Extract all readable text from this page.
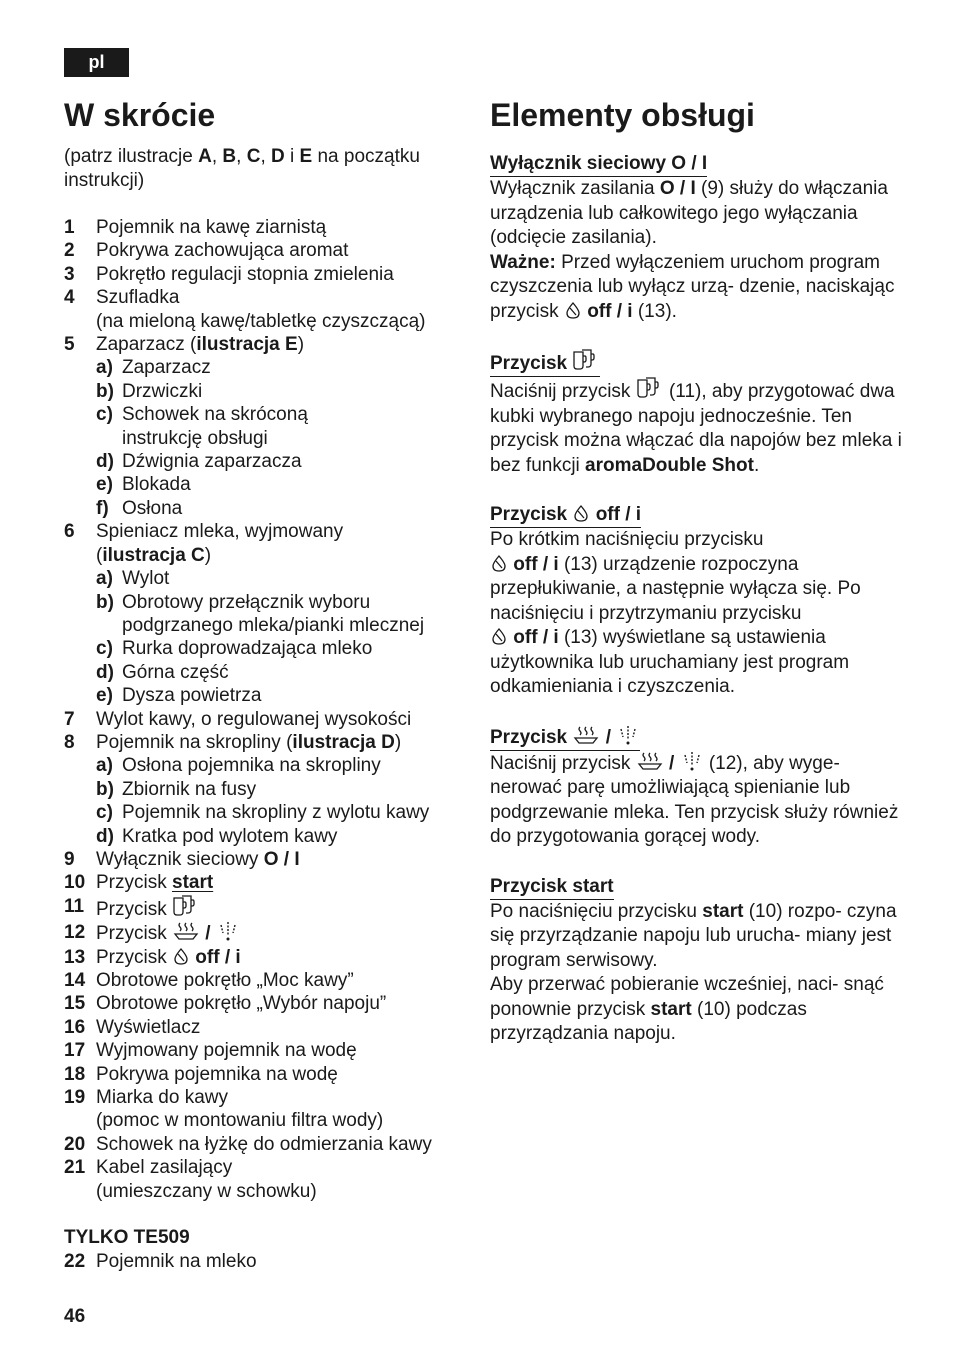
pl
W skrócie
(patrz ilustracje A, B, C, D i E na początku instrukcji)
1 Pojemnik na kawę ziarnistą
2 Pokrywa zachowująca aromat
3 Pokrętło regulacji stopnia zmielenia
4 Szufladka
(na mieloną kawę/tabletkę czyszczącą)
5 Zaparzacz (ilustracja E)
a) Zaparzacz
b) Drzwiczki
c) Schowek na skróconą
instrukcję obsługi
d) Dźwignia zaparzacza
e) Blokada
f) Osłona
6 Spieniacz mleka, wyjmowany
(ilustracja C)
a) Wylot
b) Obrotowy przełącznik wyboru
podgrzanego mleka/pianki mlecznej
c) Rurka doprowadzająca mleko
d) Górna część
e) Dysza powietrza
7 Wylot kawy, o regulowanej wysokości
8 Pojemnik na skropliny (ilustracja D)
a) Osłona pojemnika na skropliny
b) Zbiornik na fusy
c) Pojemnik na skropliny z wylotu kawy
d) Kratka pod wylotem kawy
9 Wyłącznik sieciowy O / I
10 Przycisk start
11 Przycisk
12 Przycisk
/
13 Przycisk
off / i
14 Obrotowe pokrętło „Moc kawy”
15 Obrotowe pokrętło „Wybór napoju”
16 Wyświetlacz
17 Wyjmowany pojemnik na wodę
18 Pokrywa pojemnika na wodę
19 Miarka do kawy
(pomoc w montowaniu filtra wody)
20 Schowek na łyżkę do odmierzania kawy
21 Kabel zasilający
(umieszczany w schowku)
TYLKO TE509
22 Pojemnik na mleko
Elementy obsługi
Wyłącznik sieciowy O / I
Wyłącznik zasilania O / I (9) służy do włączania urządzenia lub całkowitego jego wyłączania (odcięcie zasilania).
Ważne: Przed wyłączeniem uruchom program czyszczenia lub wyłącz urzą- dzenie, naciskając przycisk
off / i (13).
Przycisk
Naciśnij przycisk
(11), aby przygotować dwa kubki wybranego napoju jednocześnie. Ten przycisk można włączać dla napojów bez mleka i bez funkcji aromaDouble Shot.
Przycisk off / i
Po krótkim naciśnięciu przycisku

off / i (13) urządzenie rozpoczyna przepłukiwanie, a następnie wyłącza się. Po naciśnięciu i przytrzymaniu przycisku

off / i (13) wyświetlane są ustawienia użytkownika lub uruchamiany jest program odkamieniania i czyszczenia.
Przycisk /
Naciśnij przycisk
/
(12), aby wyge- nerować parę umożliwiającą spienianie lub podgrzewanie mleka. Ten przycisk służy również do przygotowania gorącej wody.
Przycisk start
Po naciśnięciu przycisku start (10) rozpo- czyna się przyrządzanie napoju lub urucha- miany jest program serwisowy.
Aby przerwać pobieranie wcześniej, naci- snąć ponownie przycisk start (10) podczas przyrządzania napoju.
46
